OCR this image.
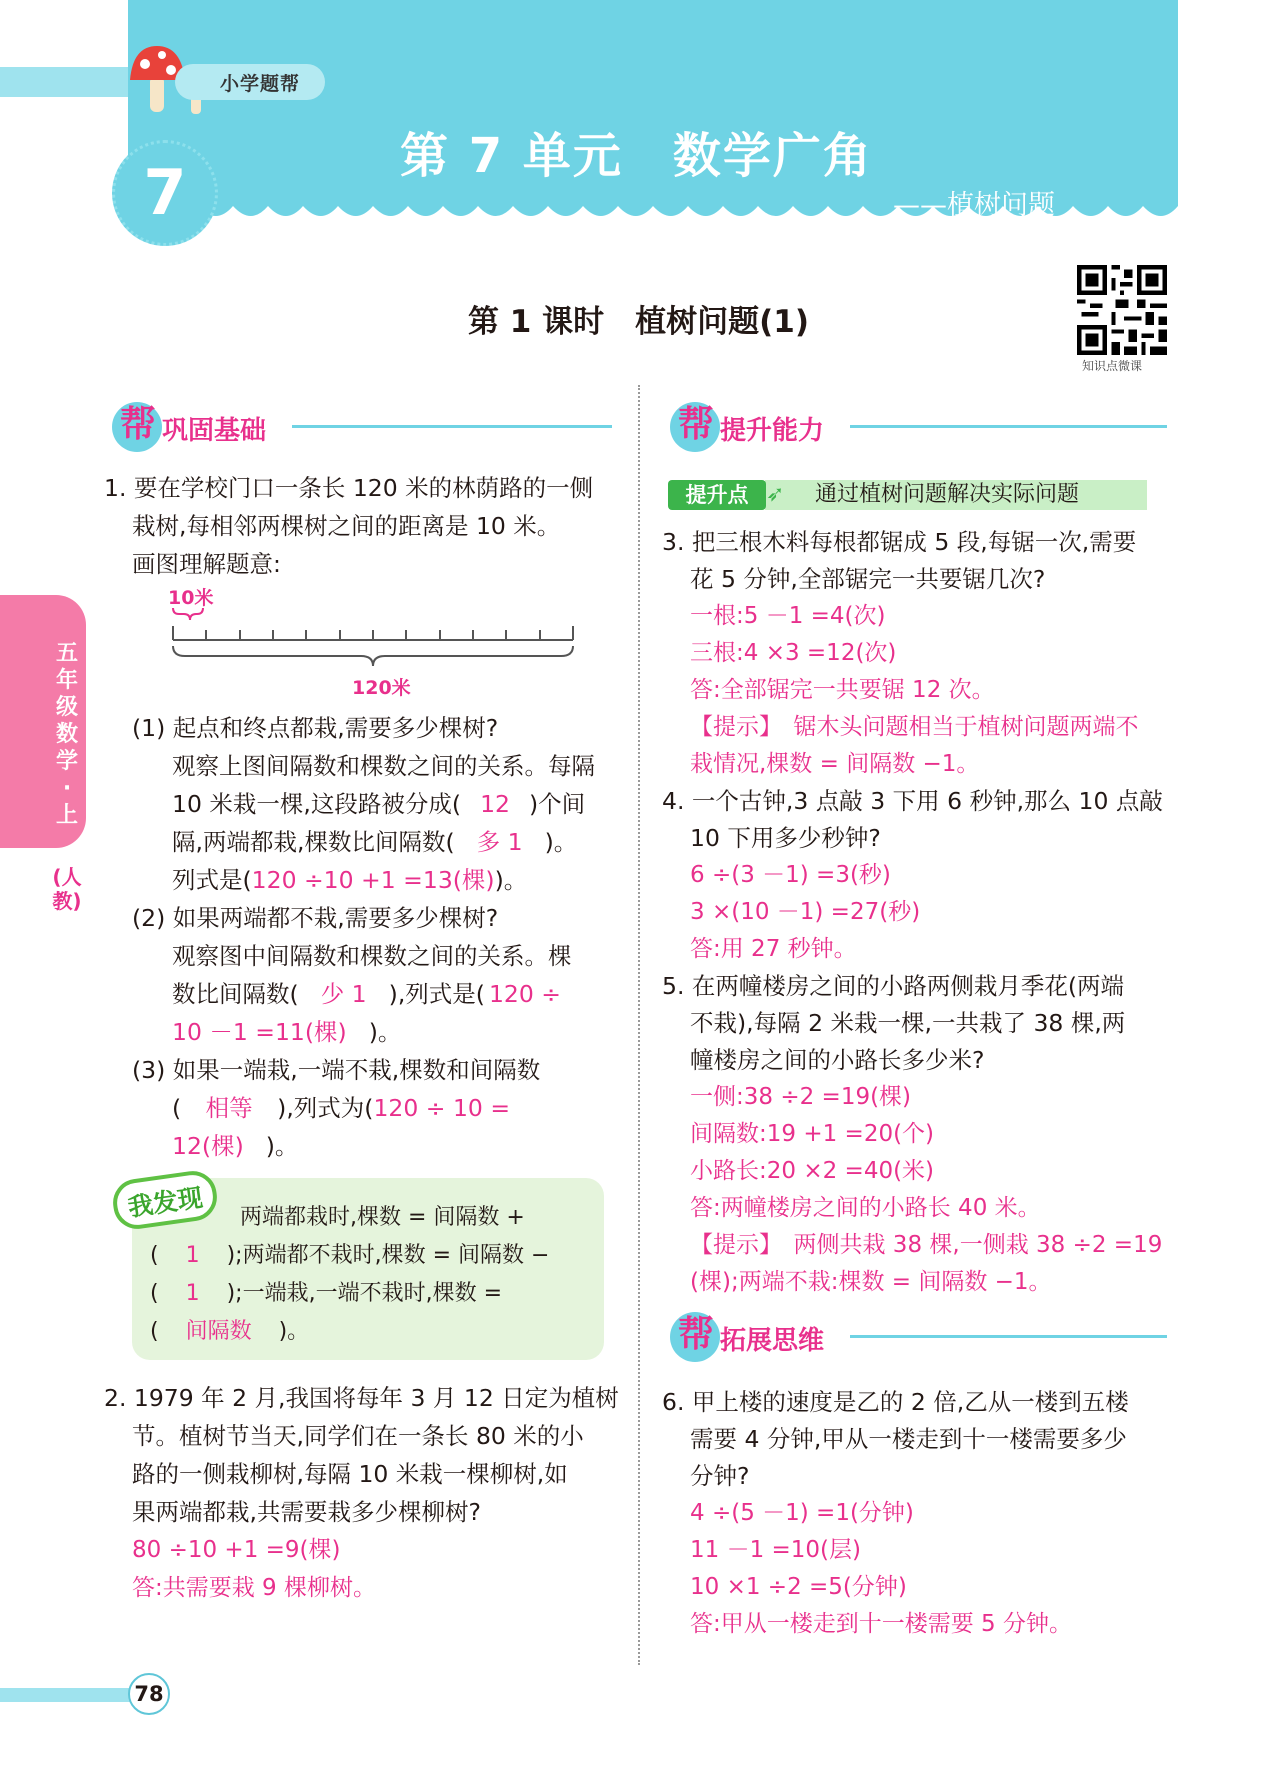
小学题帮
7	第 7 单元　数学广角
——植树问题
第 1 课时　植树问题(1)
知识点微课
五年级数学·上
(人教)
帮 巩固基础
1. 要在学校门口一条长 120 米的林荫路的一侧
栽树,每相邻两棵树之间的距离是 10 米。
画图理解题意:
10米
120米
(1) 起点和终点都栽,需要多少棵树?
观察上图间隔数和棵数之间的关系。每隔
10 米栽一棵,这段路被分成( 12 )个间
隔,两端都栽,棵数比间隔数( 多 1 )。
列式是(120 ÷10 +1 =13(棵))。
(2) 如果两端都不栽,需要多少棵树?
观察图中间隔数和棵数之间的关系。棵
数比间隔数( 少 1 ),列式是( 120 ÷
10 －1 =11(棵) )。
(3) 如果一端栽,一端不栽,棵数和间隔数
( 相等 ),列式为(120 ÷ 10 =
12(棵) )。
我发现	两端都栽时,棵数 = 间隔数 +
( 1 );两端都不栽时,棵数 = 间隔数 −
( 1 );一端栽,一端不栽时,棵数 =
( 间隔数 )。
2. 1979 年 2 月,我国将每年 3 月 12 日定为植树
节。植树节当天,同学们在一条长 80 米的小
路的一侧栽柳树,每隔 10 米栽一棵柳树,如
果两端都栽,共需要栽多少棵柳树?
80 ÷10 +1 =9(棵)
答:共需要栽 9 棵柳树。
帮 提升能力
提升点 ➶ 通过植树问题解决实际问题
3. 把三根木料每根都锯成 5 段,每锯一次,需要
花 5 分钟,全部锯完一共要锯几次?
一根:5 －1 =4(次)
三根:4 ×3 =12(次)
答:全部锯完一共要锯 12 次。
【提示】　锯木头问题相当于植树问题两端不
栽情况,棵数 = 间隔数 −1。
4. 一个古钟,3 点敲 3 下用 6 秒钟,那么 10 点敲
10 下用多少秒钟?
6 ÷(3 －1) =3(秒)
3 ×(10 －1) =27(秒)
答:用 27 秒钟。
5. 在两幢楼房之间的小路两侧栽月季花(两端
不栽),每隔 2 米栽一棵,一共栽了 38 棵,两
幢楼房之间的小路长多少米?
一侧:38 ÷2 =19(棵)
间隔数:19 +1 =20(个)
小路长:20 ×2 =40(米)
答:两幢楼房之间的小路长 40 米。
【提示】　两侧共栽 38 棵,一侧栽 38 ÷2 =19
(棵);两端不栽:棵数 = 间隔数 −1。
帮 拓展思维
6. 甲上楼的速度是乙的 2 倍,乙从一楼到五楼
需要 4 分钟,甲从一楼走到十一楼需要多少
分钟?
4 ÷(5 －1) =1(分钟)
11 －1 =10(层)
10 ×1 ÷2 =5(分钟)
答:甲从一楼走到十一楼需要 5 分钟。
78
